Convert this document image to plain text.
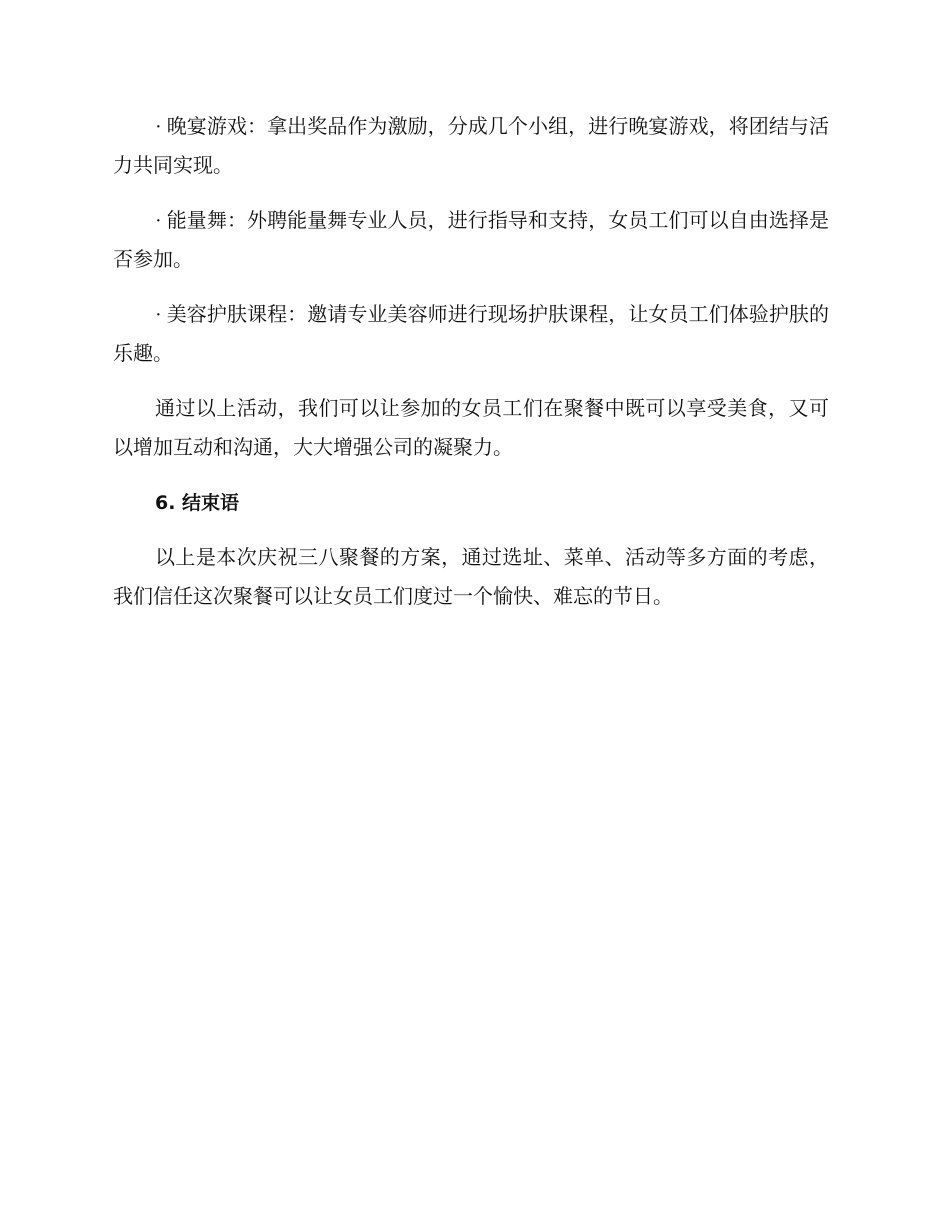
· 晚宴游戏：拿出奖品作为激励，分成几个小组，进行晚宴游戏，将团结与活力共同实现。

· 能量舞：外聘能量舞专业人员，进行指导和支持，女员工们可以自由选择是否参加。

· 美容护肤课程：邀请专业美容师进行现场护肤课程，让女员工们体验护肤的乐趣。

通过以上活动，我们可以让参加的女员工们在聚餐中既可以享受美食，又可以增加互动和沟通，大大增强公司的凝聚力。

6. 结束语

以上是本次庆祝三八聚餐的方案，通过选址、菜单、活动等多方面的考虑，我们信任这次聚餐可以让女员工们度过一个愉快、难忘的节日。
